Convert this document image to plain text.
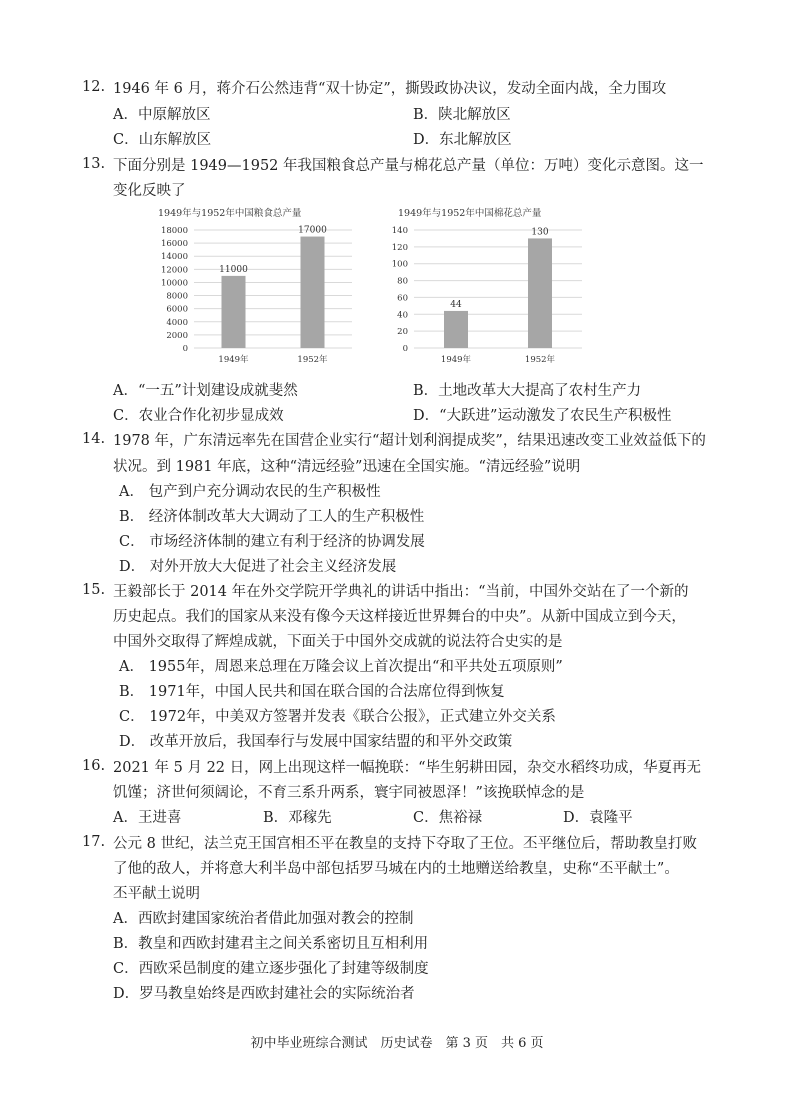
12. 1946 年 6 月，蒋介石公然违背“双十协定”，撕毁政协决议，发动全面内战，全力围攻
A．中原解放区	B．陕北解放区
C．山东解放区	D．东北解放区
13. 下面分别是 1949—1952 年我国粮食总产量与棉花总产量（单位：万吨）变化示意图。这一
变化反映了
1949年与1952年中国粮食总产量
0
2000
4000
6000
8000
10000
12000
14000
16000
18000
11000
1949年
17000
1952年
1949年与1952年中国棉花总产量
0
20
40
60
80
100
120
140
44
1949年
130
1952年
A．“一五”计划建设成就斐然	B．土地改革大大提高了农村生产力
C．农业合作化初步显成效	D．“大跃进”运动激发了农民生产积极性
14. 1978 年，广东清远率先在国营企业实行“超计划利润提成奖”，结果迅速改变工业效益低下的
状况。到 1981 年底，这种“清远经验”迅速在全国实施。“清远经验”说明
A． 包产到户充分调动农民的生产积极性
B． 经济体制改革大大调动了工人的生产积极性
C． 市场经济体制的建立有利于经济的协调发展
D． 对外开放大大促进了社会主义经济发展
15. 王毅部长于 2014 年在外交学院开学典礼的讲话中指出：“当前，中国外交站在了一个新的
历史起点。我们的国家从来没有像今天这样接近世界舞台的中央”。从新中国成立到今天，
中国外交取得了辉煌成就，下面关于中国外交成就的说法符合史实的是
A． 1955年，周恩来总理在万隆会议上首次提出“和平共处五项原则”
B． 1971年，中国人民共和国在联合国的合法席位得到恢复
C． 1972年，中美双方签署并发表《联合公报》，正式建立外交关系
D． 改革开放后，我国奉行与发展中国家结盟的和平外交政策
16. 2021 年 5 月 22 日，网上出现这样一幅挽联：“毕生躬耕田园，杂交水稻终功成，华夏再无
饥馑；济世何须阔论，不育三系升两系，寰宇同被恩泽！”该挽联悼念的是
A．王进喜	B．邓稼先	C．焦裕禄	D．袁隆平
17. 公元 8 世纪，法兰克王国宫相丕平在教皇的支持下夺取了王位。丕平继位后，帮助教皇打败
了他的敌人，并将意大利半岛中部包括罗马城在内的土地赠送给教皇，史称“丕平献土”。
丕平献土说明
A．西欧封建国家统治者借此加强对教会的控制
B．教皇和西欧封建君主之间关系密切且互相利用
C．西欧采邑制度的建立逐步强化了封建等级制度
D．罗马教皇始终是西欧封建社会的实际统治者
初中毕业班综合测试　历史试卷　第 3 页　共 6 页
